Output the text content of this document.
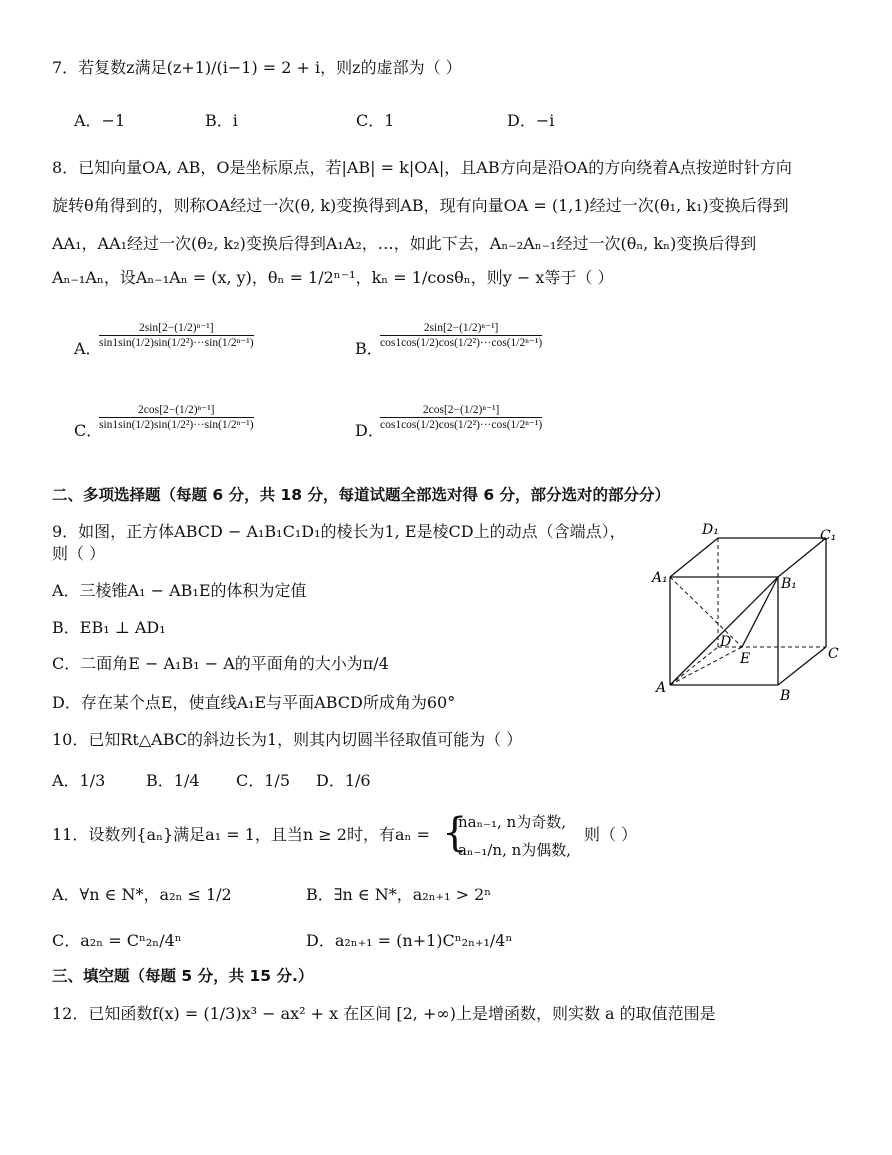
7．若复数z满足(z+1)/(i−1) = 2 + i，则z的虚部为（ ）
A．−1	B．i	C．1	D．−i
8．已知向量OA, AB，O是坐标原点，若|AB| = k|OA|，且AB方向是沿OA的方向绕着A点按逆时针方向
旋转θ角得到的，则称OA经过一次(θ, k)变换得到AB，现有向量OA = (1,1)经过一次(θ₁, k₁)变换后得到
AA₁，AA₁经过一次(θ₂, k₂)变换后得到A₁A₂，…，如此下去，Aₙ₋₂Aₙ₋₁经过一次(θₙ, kₙ)变换后得到
Aₙ₋₁Aₙ，设Aₙ₋₁Aₙ = (x, y)，θₙ = 1/2ⁿ⁻¹，kₙ = 1/cosθₙ，则y − x等于（ ）
A．
$\frac{\text{2sin[2−(1/2)ⁿ⁻¹]}}{\text{sin1sin(1/2)sin(1/2²)···sin(1/2ⁿ⁻¹)}}$	B．
$\frac{\text{2sin[2−(1/2)ⁿ⁻¹]}}{\text{cos1cos(1/2)cos(1/2²)···cos(1/2ⁿ⁻¹)}}$
C．
$\frac{\text{2cos[2−(1/2)ⁿ⁻¹]}}{\text{sin1sin(1/2)sin(1/2²)···sin(1/2ⁿ⁻¹)}}$	D．
$\frac{\text{2cos[2−(1/2)ⁿ⁻¹]}}{\text{cos1cos(1/2)cos(1/2²)···cos(1/2ⁿ⁻¹)}}$
二、多项选择题（每题 6 分，共 18 分，每道试题全部选对得 6 分，部分选对的部分分）
9．如图，正方体ABCD − A₁B₁C₁D₁的棱长为1, E是棱CD上的动点（含端点），
则（ ）
A．三棱锥A₁ − AB₁E的体积为定值
B．EB₁ ⊥ AD₁
C．二面角E − A₁B₁ − A的平面角的大小为π/4
D．存在某个点E，使直线A₁E与平面ABCD所成角为60°
D₁	C₁
A₁	B₁
D
E	C
A	B
10．已知Rt△ABC的斜边长为1，则其内切圆半径取值可能为（ ）
A．1/3	B．1/4 C．1/5 D．1/6
11．设数列{aₙ}满足a₁ = 1，且当n ≥ 2时，有aₙ = {
naₙ₋₁, n为奇数,
aₙ₋₁/n, n为偶数,
则（ ）
A．∀n ∈ N*，a₂ₙ ≤ 1/2	B．∃n ∈ N*，a₂ₙ₊₁ > 2ⁿ
C．a₂ₙ = Cⁿ₂ₙ/4ⁿ	D．a₂ₙ₊₁ = (n+1)Cⁿ₂ₙ₊₁/4ⁿ
三、填空题（每题 5 分，共 15 分.）
12．已知函数f(x) = (1/3)x³ − ax² + x 在区间 [2, +∞)上是增函数，则实数 a 的取值范围是
